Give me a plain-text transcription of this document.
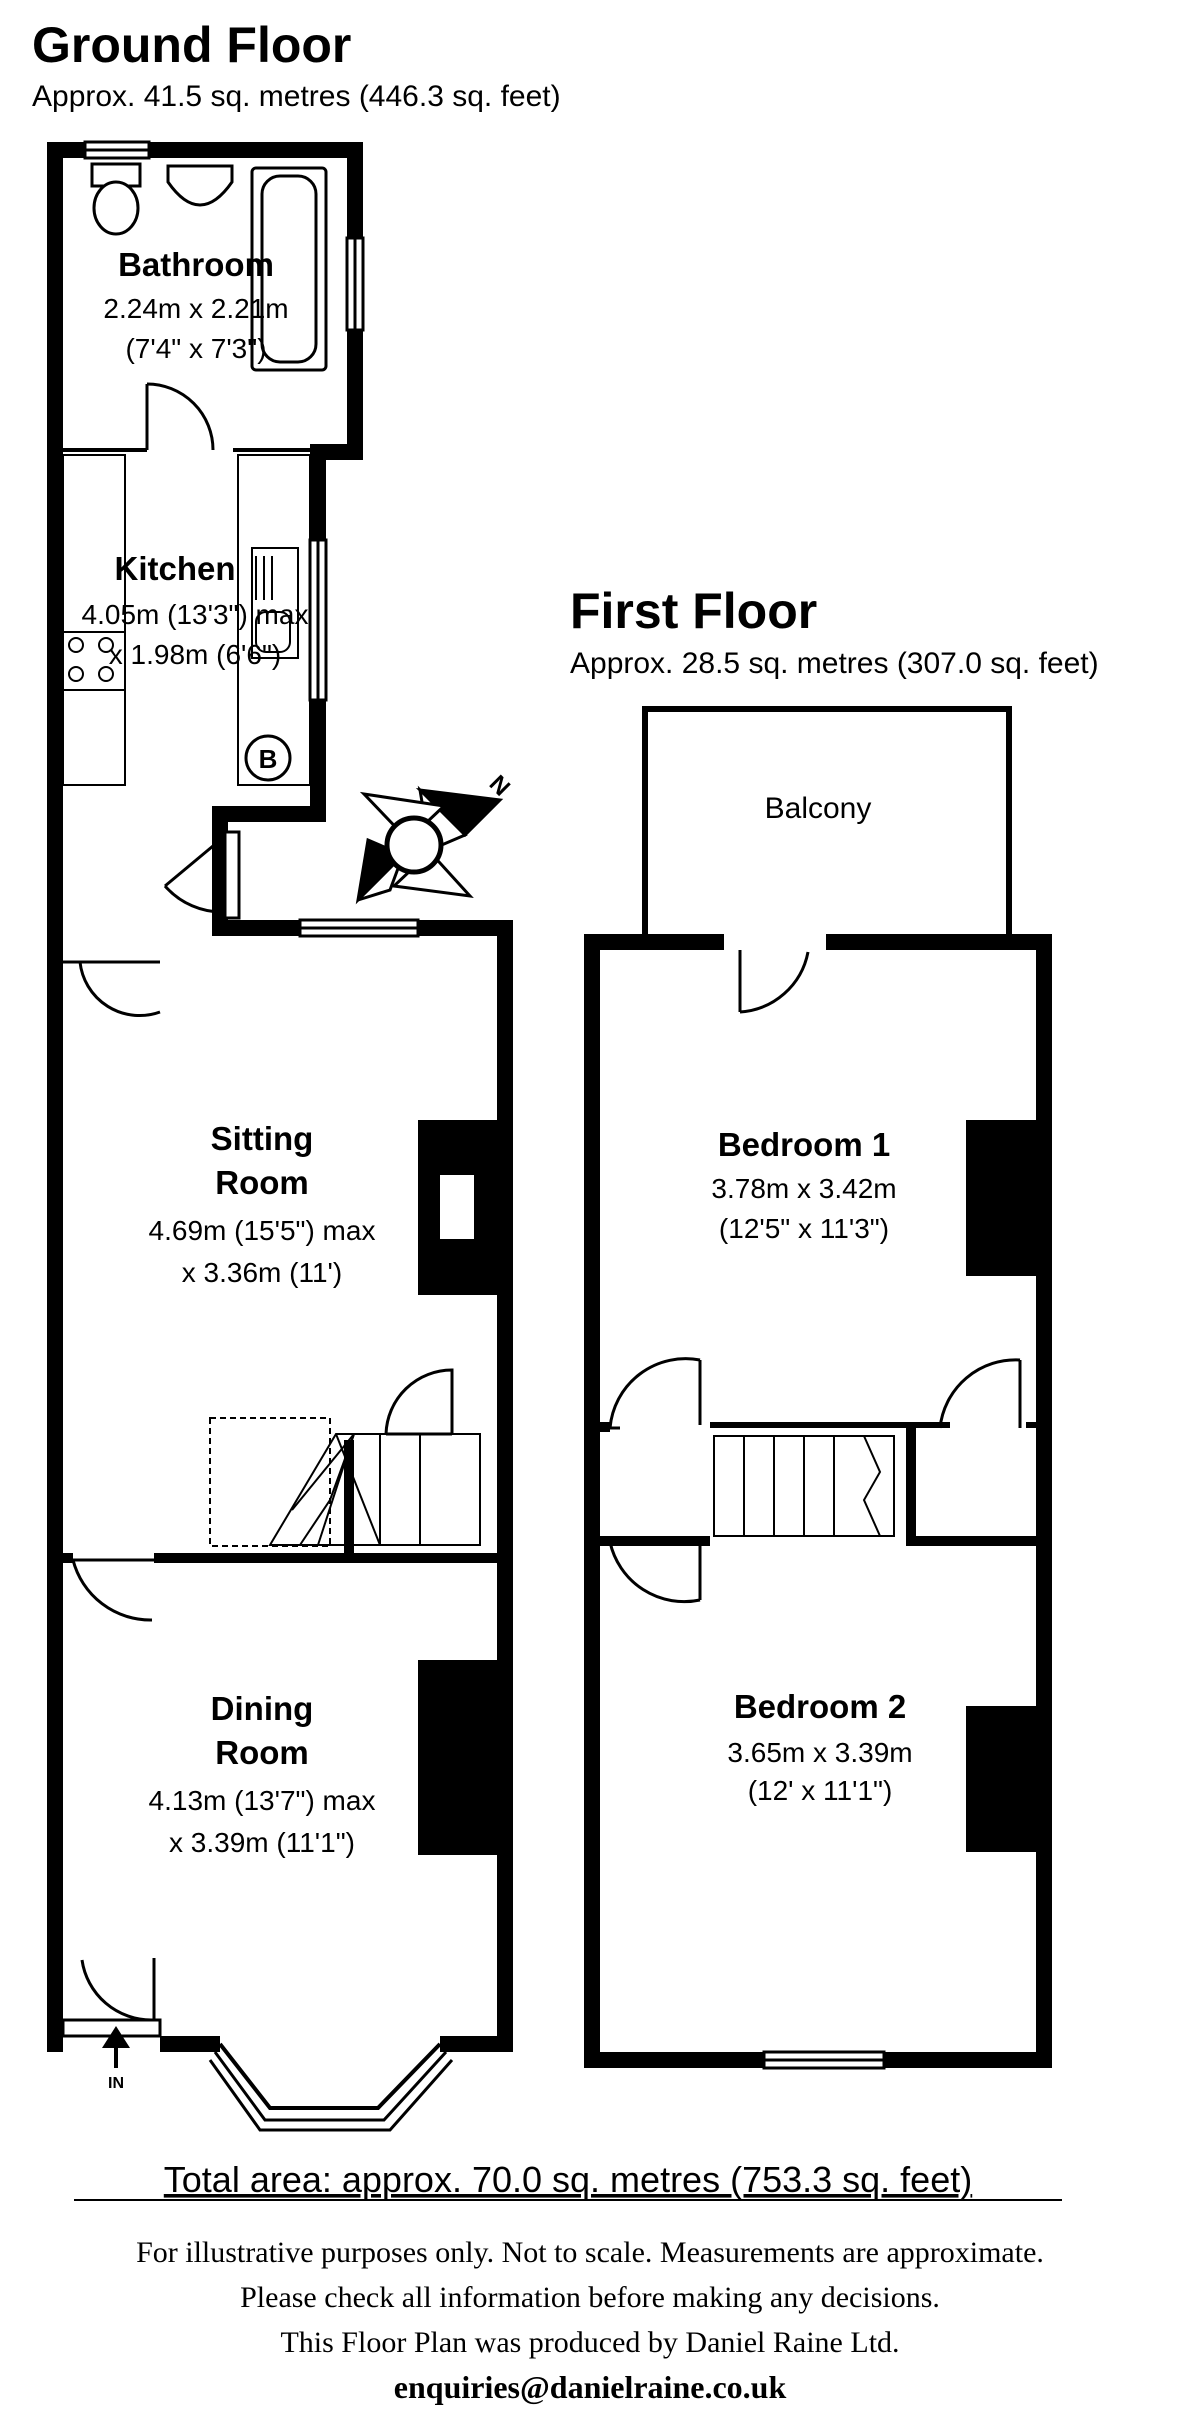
Ground Floor
Approx. 41.5 sq. metres (446.3 sq. feet)
B
IN
Bathroom
2.24m x 2.21m
(7'4" x 7'3")
Kitchen
4.05m (13'3") max
x 1.98m (6'6")
Sitting
Room
4.69m (15'5") max
x 3.36m (11')
Dining
Room
4.13m (13'7") max
x 3.39m (11'1")
N
First Floor
Approx. 28.5 sq. metres (307.0 sq. feet)
Balcony
Bedroom 1
3.78m x 3.42m
(12'5" x 11'3")
Bedroom 2
3.65m x 3.39m
(12' x 11'1")
Total area: approx. 70.0 sq. metres (753.3 sq. feet)
For illustrative purposes only. Not to scale. Measurements are approximate.
Please check all information before making any decisions.
This Floor Plan was produced by Daniel Raine Ltd.
enquiries@danielraine.co.uk
